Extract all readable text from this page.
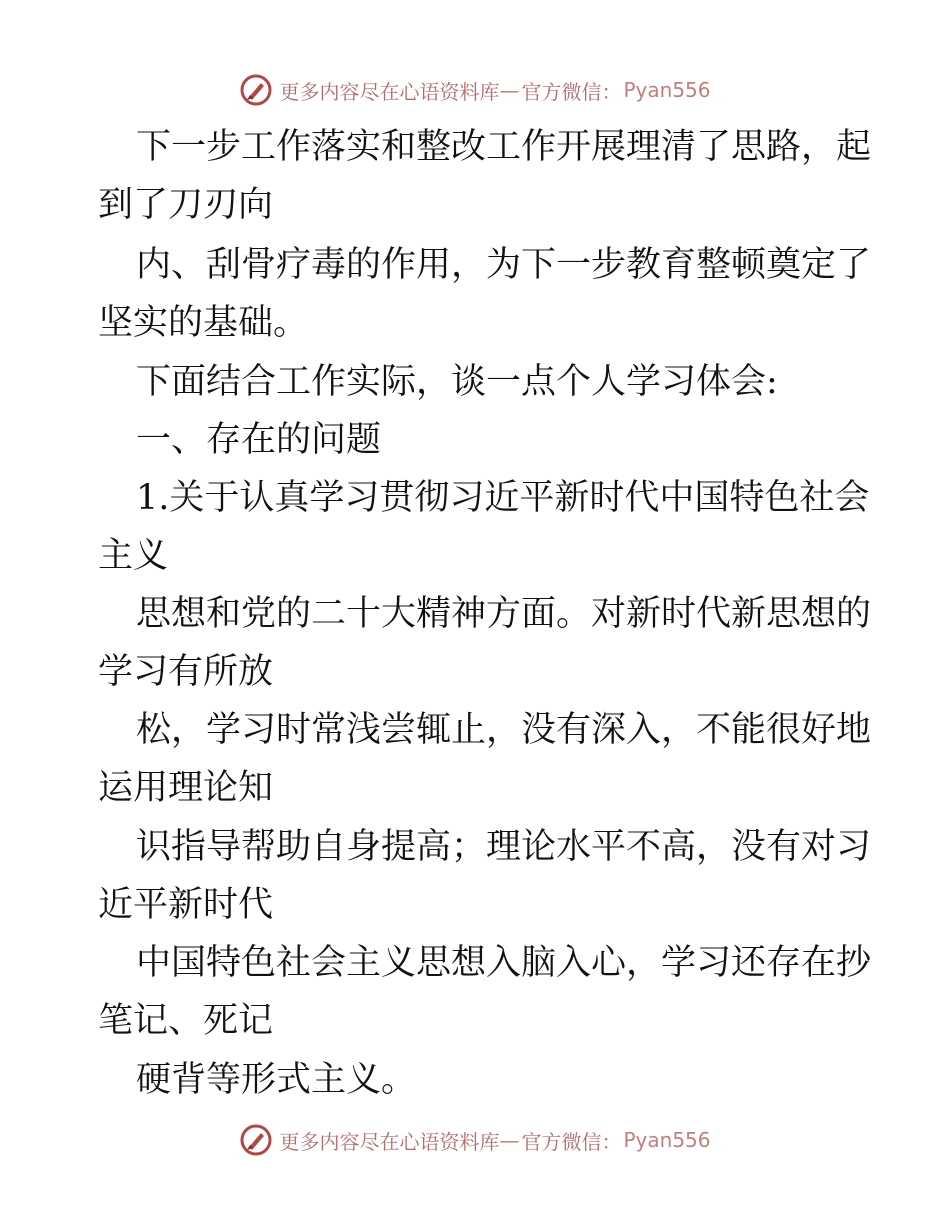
更多内容尽在心语资料库 — 官方微信： Pyan556
下一步工作落实和整改工作开展理清了思路，起
到了刀刃向
内、刮骨疗毒的作用，为下一步教育整顿奠定了
坚实的基础。
下面结合工作实际，谈一点个人学习体会:
一、存在的问题
1.关于认真学习贯彻习近平新时代中国特色社会
主义
思想和党的二十大精神方面。对新时代新思想的
学习有所放
松，学习时常浅尝辄止，没有深入，不能很好地
运用理论知
识指导帮助自身提高；理论水平不高，没有对习
近平新时代
中国特色社会主义思想入脑入心，学习还存在抄
笔记、死记
硬背等形式主义。
更多内容尽在心语资料库 — 官方微信： Pyan556
